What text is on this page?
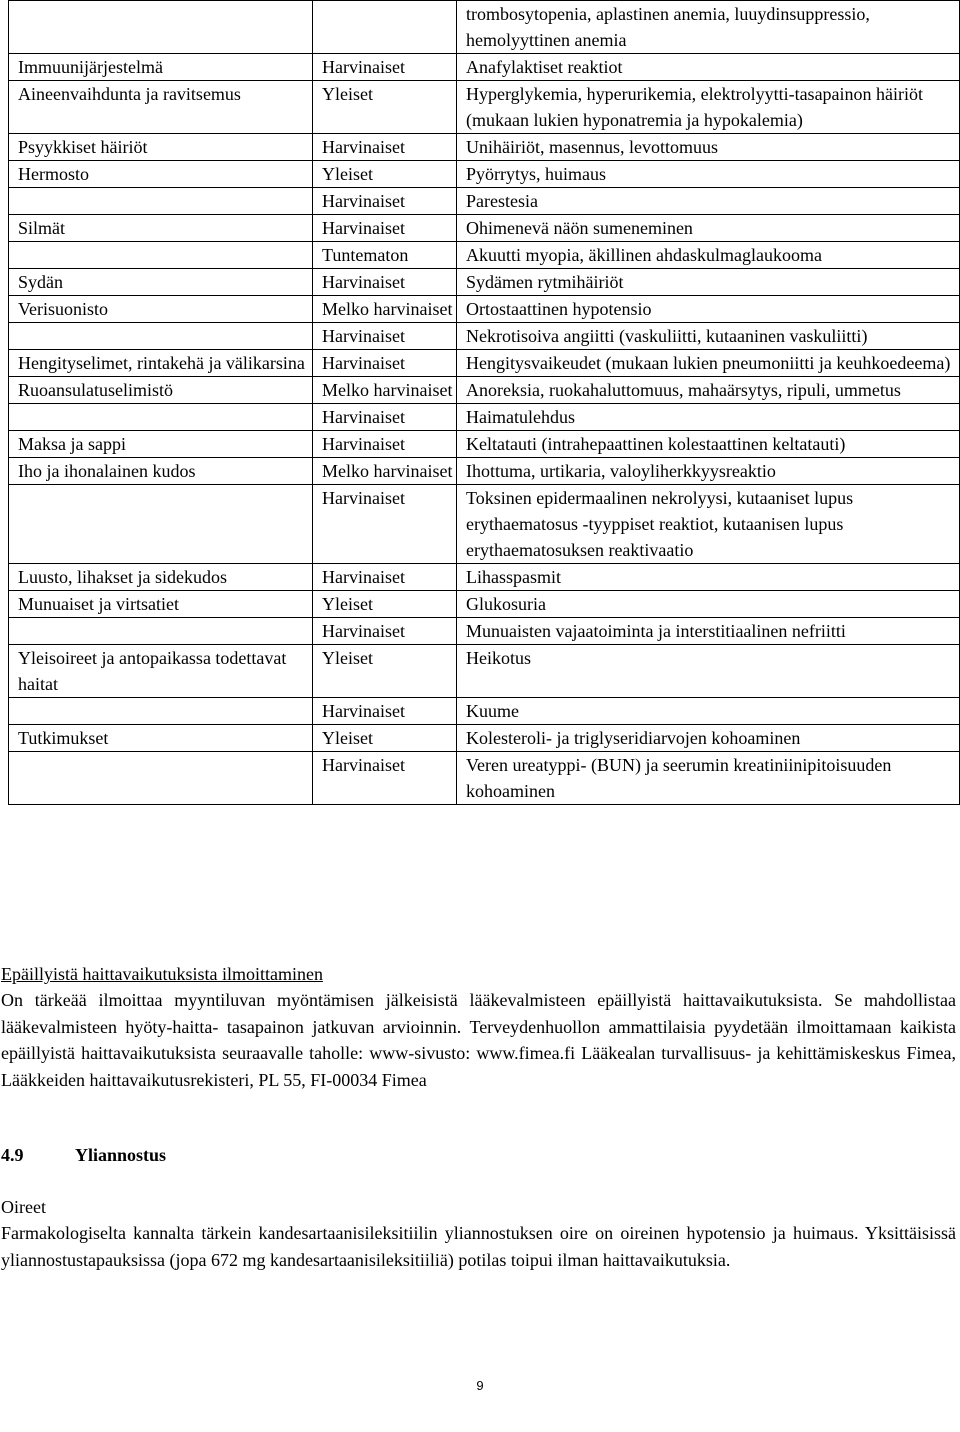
		trombosytopenia, aplastinen anemia, luuydinsuppressio, hemolyyttinen anemia
Immuunijärjestelmä	Harvinaiset	Anafylaktiset reaktiot
Aineenvaihdunta ja ravitsemus	Yleiset	Hyperglykemia, hyperurikemia, elektrolyytti-tasapainon häiriöt (mukaan lukien hyponatremia ja hypokalemia)
Psyykkiset häiriöt	Harvinaiset	Unihäiriöt, masennus, levottomuus
Hermosto	Yleiset	Pyörrytys, huimaus
	Harvinaiset	Parestesia
Silmät	Harvinaiset	Ohimenevä näön sumeneminen
	Tuntematon	Akuutti myopia, äkillinen ahdaskulmaglaukooma
Sydän	Harvinaiset	Sydämen rytmihäiriöt
Verisuonisto	Melko harvinaiset	Ortostaattinen hypotensio
	Harvinaiset	Nekrotisoiva angiitti (vaskuliitti, kutaaninen vaskuliitti)
Hengityselimet, rintakehä ja välikarsina	Harvinaiset	Hengitysvaikeudet (mukaan lukien pneumoniitti ja keuhkoedeema)
Ruoansulatuselimistö	Melko harvinaiset	Anoreksia, ruokahaluttomuus, mahaärsytys, ripuli, ummetus
	Harvinaiset	Haimatulehdus
Maksa ja sappi	Harvinaiset	Keltatauti (intrahepaattinen kolestaattinen keltatauti)
Iho ja ihonalainen kudos	Melko harvinaiset	Ihottuma, urtikaria, valoyliherkkyysreaktio
	Harvinaiset	Toksinen epidermaalinen nekrolyysi, kutaaniset lupus erythaematosus -tyyppiset reaktiot, kutaanisen lupus erythaematosuksen reaktivaatio
Luusto, lihakset ja sidekudos	Harvinaiset	Lihasspasmit
Munuaiset ja virtsatiet	Yleiset	Glukosuria
	Harvinaiset	Munuaisten vajaatoiminta ja interstitiaalinen nefriitti
Yleisoireet ja antopaikassa todettavat haitat	Yleiset	Heikotus
	Harvinaiset	Kuume
Tutkimukset	Yleiset	Kolesteroli- ja triglyseridiarvojen kohoaminen
	Harvinaiset	Veren ureatyppi- (BUN) ja seerumin kreatiniinipitoisuuden kohoaminen
Epäillyistä haittavaikutuksista ilmoittaminen
On tärkeää ilmoittaa myyntiluvan myöntämisen jälkeisistä lääkevalmisteen epäillyistä haittavaikutuksista. Se mahdollistaa lääkevalmisteen hyöty-haitta- tasapainon jatkuvan arvioinnin. Terveydenhuollon ammattilaisia pyydetään ilmoittamaan kaikista epäillyistä haittavaikutuksista seuraavalle taholle: www-sivusto: www.fimea.fi Lääkealan turvallisuus- ja kehittämiskeskus Fimea, Lääkkeiden haittavaikutusrekisteri, PL 55, FI-00034 Fimea
4.9	Yliannostus
Oireet
Farmakologiselta kannalta tärkein kandesartaanisileksitiilin yliannostuksen oire on oireinen hypotensio ja huimaus. Yksittäisissä yliannostustapauksissa (jopa 672 mg kandesartaanisileksitiiliä) potilas toipui ilman haittavaikutuksia.
9
